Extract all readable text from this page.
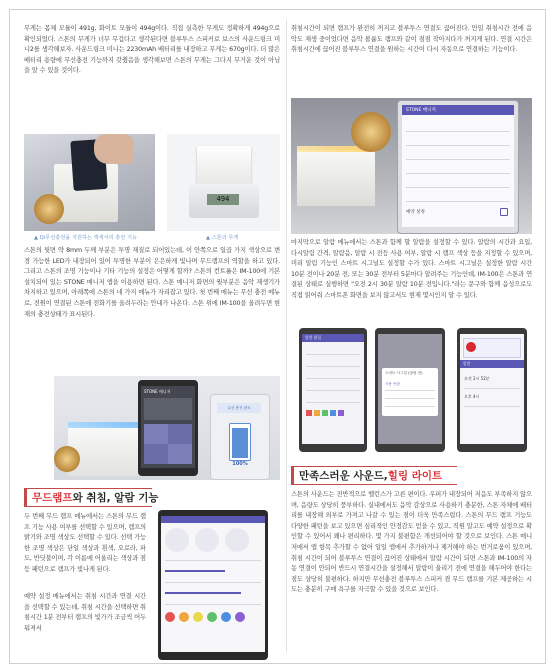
무게는 몸체 모듈이 491g, 화이트 모듈이 494g이다. 직접 실측한 무게도 정확하게 494g으로 확인되었다. 스톤의 무게가 너무 무겁다고 생각된다면 블루투스 스피커로 보스의 사운드링크 미니2를 생각해보자. 사운드링크 미니는 2230mAh 배터리를 내장하고 무게는 670g이다. 더 많은 배터리 용량에 무선충전 기능까지 갖췄음을 생각해보면 스톤의 무게는 그다지 무거운 것이 아님을 알 수 있을 것이다.
▲ Qi무선충전을 지원하는 액세서리 충전 기능
494
▲ 스톤의 무게
스톤의 뒷면 약 8mm 두께 부분은 투명 재질로 되어있는데, 이 안쪽으로 일곱 가지 색상으로 변경 가능한 LED가 내장되어 있어 투명한 부분이 은은하게 빛나며 무드램프의 역할을 하고 있다. 그리고 스톤의 조명 기능이나 기타 기능의 설정은 어떻게 할까? 스톤의 컨트롤은 IM-100에 기본 설치되어 있는 STONE 매니저 앱을 이용하면 된다. 스톤 매니저 화면의 윗부분은 음악 재생기가 차지하고 있으며, 아래쪽에 스톤의 네 가지 메뉴가 자리잡고 있다. 첫 번째 메뉴는 무선 충전 메뉴로, 전원이 연결된 스톤에 전화기를 올려두라는 안내가 나온다. 스톤 위에 IM-100을 올려두면 현재의 충전상태가 표시된다.
STONE 매니저
무선 충전 완료
100%
무드램프 와 취침, 알람 기능
두 번째 무드 램프 메뉴에서는 스톤의 무드 램프 기능 사용 여부를 선택할 수 있으며, 램프의 밝기와 조명 색상도 선택할 수 있다. 선택 가능한 조명 색상은 단일 색상과 흰색, 오로라, 파도, 반딧불이며, 각 이름에 어울리는 색상과 점등 패턴으로 램프가 빛나게 된다.
예약 설정 메뉴에서는 취침 시간과 연결 시간을 선택할 수 있는데, 취침 시간을 선택하면 취침시간 1분 전부터 램프의 빛가가 조금씩 어두워져서
취침시간이 되면 램프가 완전히 꺼지고 블루투스 연결도 끊어진다. 만일 취침시간 전에 음악도 재생 중이었다면 음악 볼륨도 램프와 같이 점점 작아지다가 꺼지게 된다. 연결 시간은 취침시간에 끊어진 블루투스 연결을 원하는 시간이 다시 자동으로 연결하는 기능이다.
STONE 매니저
예약 설정
마지막으로 알람 메뉴에서는 스톤과 함께 할 알람을 설정할 수 있다. 알람의 시간과 요일, 다시알림 간격, 알람음, 알람 시 전등 사용 여부, 알람 시 램프 색상 등을 지정할 수 있으며, 미리 알림 기능인 스마트 시그널도 설정할 수가 있다. 스마트 시그널은 설정한 알람 시간 10분 전이나 20분 전, 또는 30분 전부터 5분마다 알려주는 기능인데, IM-100은 스톤과 연결된 상태로 실행하면 "오전 2시 30분 알람 10분 전입니다."라는 문구와 함께 음성으로도 직접 읽어줘 스마트폰 화면을 보지 않고서도 현재 몇시인지 알 수 있다.
알람 편집
스마트 시그널 (알람 전)
사용 안함
알람
오전 2시 52분
오후 4시
만족스러운 사운드, 힐링 라이트
스톤의 사운드는 전반적으로 밸런스가 고른 편이다. 우퍼가 내장되어 저음도 부족하지 않으며, 음량도 상당히 풍부하다. 실내에서도 음악 감상으로 사용하기 충분한, 스톤 자체에 배터리를 내장해 외부로 가져고 나갈 수 있는 점이 더욱 만족스럽다. 스톤의 무드 램프 기능도 다양한 패턴을 보고 있으면 심리적인 안정감도 얻을 수 있고, 직원 말고도 예약 설정으로 확인할 수 있어서 꽤나 편리하다. 몇 가지 불편함은 개선되어야 할 것으로 보인다. 스톤 매니저에서 앱 항목 추가할 수 없어 일일 앱에서 추가하거나 제거해야 하는 번거로움이 있으며, 취침 시간이 되어 블루투스 연결이 끊어진 상태에서 알람 시간이 되면 스톤과 IM-100의 자동 연결이 안되어 반드시 연결시간을 설정해서 알람이 울리기 전에 연결을 해두어야 한다는 점도 상당히 불편하다. 하지만 무선충전 블루투스 스피커 겸 무드 램프를 기본 제공하는 시도는 충분히 구매 욕구를 자극할 수 있을 것으로 보인다.
